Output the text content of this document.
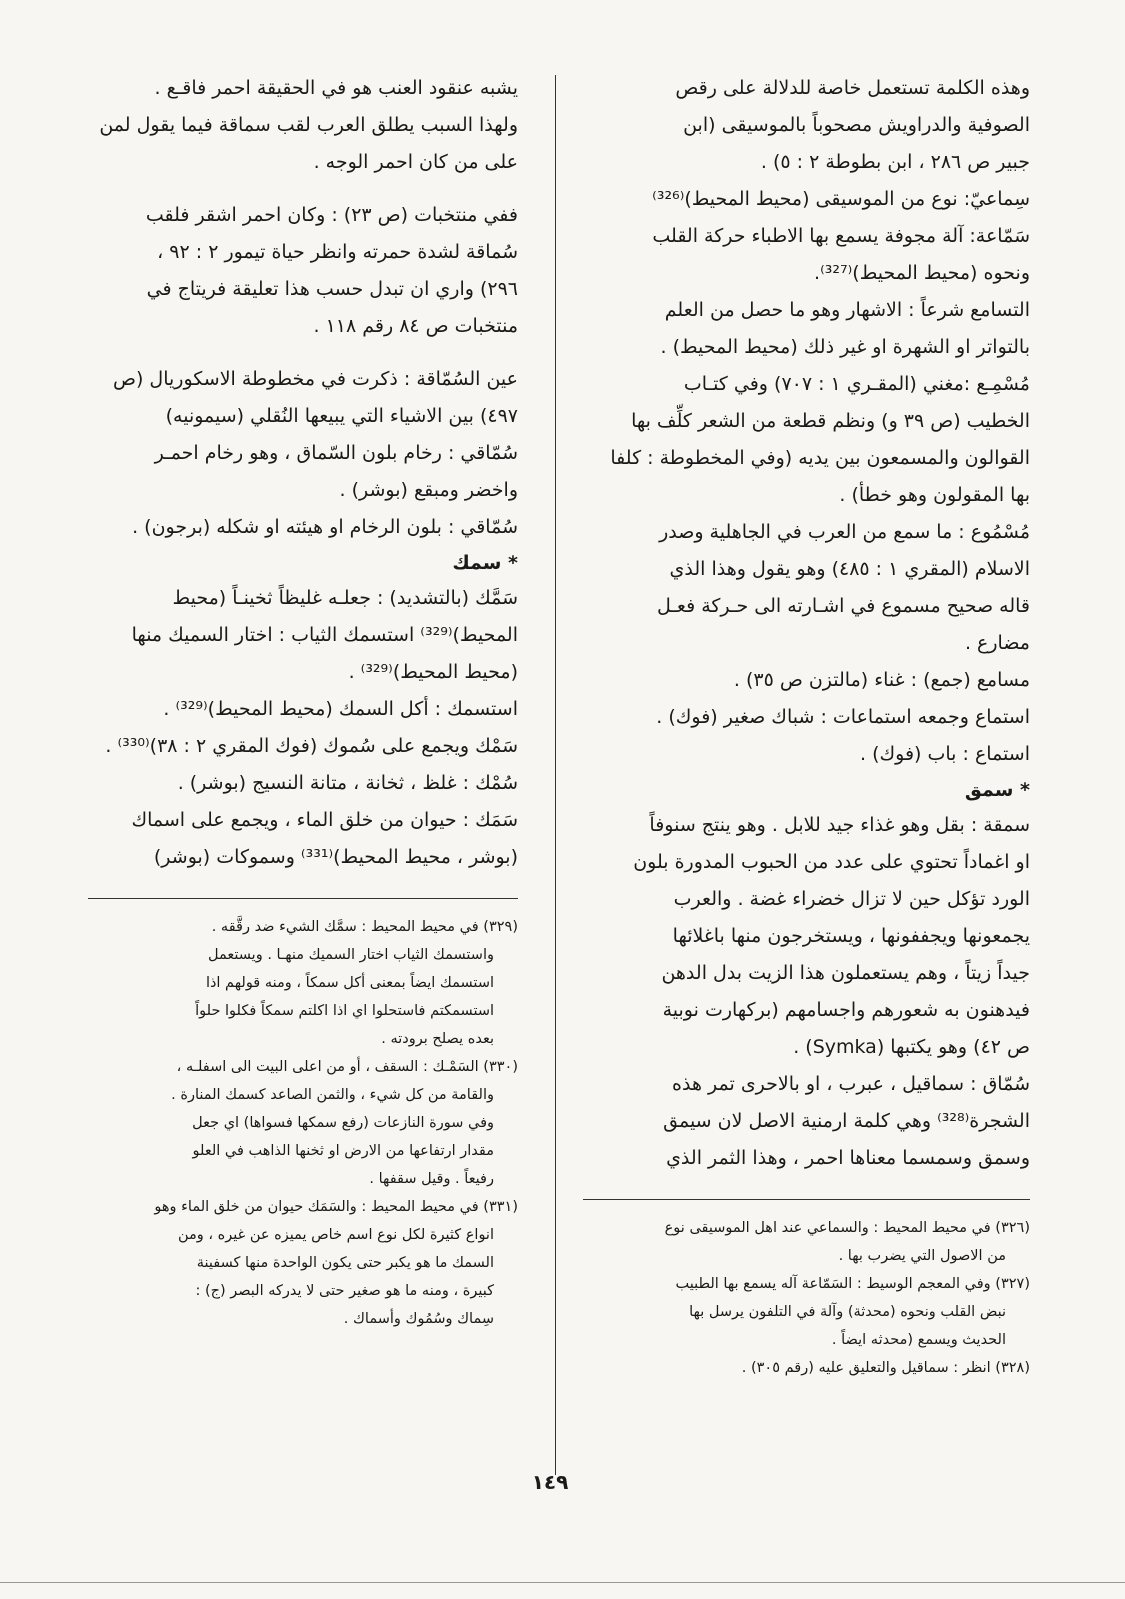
وهذه الكلمة تستعمل خاصة للدلالة على رقص

الصوفية والدراويش مصحوباً بالموسيقى (ابن

جبير ص ٢٨٦ ، ابن بطوطة ٢ : ٥) .

سِماعيّ: نوع من الموسيقى (محيط المحيط)⁽³²⁶⁾

سَمّاعة: آلة مجوفة يسمع بها الاطباء حركة القلب

ونحوه (محيط المحيط)⁽³²⁷⁾.

التسامع شرعاً : الاشهار وهو ما حصل من العلم

بالتواتر او الشهرة او غير ذلك (محيط المحيط) .

مُسْمِـع :مغني (المقـري ١ : ٧٠٧) وفي كتـاب

الخطيب (ص ٣٩ و) ونظم قطعة من الشعر كلِّف بها

القوالون والمسمعون بين يديه (وفي المخطوطة : كلفا

بها المقولون وهو خطأ) .

مُسْمُوع : ما سمع من العرب في الجاهلية وصدر

الاسلام (المقري ١ : ٤٨٥) وهو يقول وهذا الذي

قاله صحيح مسموع في اشـارته الى حـركة فعـل

مضارع .

مسامع (جمع) : غناء (مالتزن ص ٣٥) .

استماع وجمعه استماعات : شباك صغير (فوك) .

استماع : باب (فوك) .

* سمق

سمقة : بقل وهو غذاء جيد للابل . وهو ينتج سنوفاً

او اغماداً تحتوي على عدد من الحبوب المدورة بلون

الورد تؤكل حين لا تزال خضراء غضة . والعرب

يجمعونها ويجففونها ، ويستخرجون منها باغلائها

جيداً زيتاً ، وهم يستعملون هذا الزيت بدل الدهن

فيدهنون به شعورهم واجسامهم (بركهارت نوبية

ص ٤٢) وهو يكتبها (Symka) .

سُمّاق : سماقيل ، عبرب ، او بالاحرى تمر هذه

الشجرة⁽³²⁸⁾ وهي كلمة ارمنية الاصل لان سيمق

وسمق وسمسما معناها احمر ، وهذا الثمر الذي

(٣٢٦) في محيط المحيط : والسماعي عند اهل الموسيقى نوع

من الاصول التي يضرب بها .

(٣٢٧) وفي المعجم الوسيط : السَمّاعة آله يسمع بها الطبيب

نبض القلب ونحوه (محدثة) وآلة في التلفون يرسل بها

الحديث ويسمع (محدثه ايضاً .

(٣٢٨) انظر : سماقيل والتعليق عليه (رقم ٣٠٥) .

يشبه عنقود العنب هو في الحقيقة احمر فاقـع .

ولهذا السبب يطلق العرب لقب سماقة فيما يقول لمن

على من كان احمر الوجه .

ففي منتخبات (ص ٢٣) : وكان احمر اشقر فلقب

سُماقة لشدة حمرته وانظر حياة تيمور ٢ : ٩٢ ،

٢٩٦) واري ان تبدل حسب هذا تعليقة فريتاج في

منتخبات ص ٨٤ رقم ١١٨ .

عين السُمّاقة : ذكرت في مخطوطة الاسكوريال (ص

٤٩٧) بين الاشياء التي يبيعها النُقلي (سيمونيه)

سُمّاقي : رخام بلون السّماق ، وهو رخام احمـر

واخضر ومبقع (بوشر) .

سُمّاقي : بلون الرخام او هيئته او شكله (برجون) .

* سمك

سَمَّك (بالتشديد) : جعلـه غليظاً ثخينـاً (محيط

المحيط)⁽³²⁹⁾ استسمك الثياب : اختار السميك منها

(محيط المحيط)⁽³²⁹⁾ .

استسمك : أكل السمك (محيط المحيط)⁽³²⁹⁾ .

سَمْك ويجمع على سُموك (فوك المقري ٢ : ٣٨)⁽³³⁰⁾ .

سُمْك : غلظ ، ثخانة ، متانة النسيج (بوشر) .

سَمَك : حيوان من خلق الماء ، ويجمع على اسماك

(بوشر ، محيط المحيط)⁽³³¹⁾ وسموكات (بوشر)

(٣٢٩) في محيط المحيط : سمَّك الشيء ضد رقَّقه .

واستسمك الثياب اختار السميك منهـا . ويستعمل

استسمك ايضاً بمعنى أكل سمكاً ، ومنه قولهم اذا

استسمكتم فاستحلوا اي اذا اكلتم سمكاً فكلوا حلواً

بعده يصلح برودته .

(٣٣٠) السَمْـك : السقف ، أو من اعلى البيت الى اسفلـه ،

والقامة من كل شيء ، والثمن الصاعد كسمك المنارة .

وفي سورة النازعات (رفع سمكها فسواها) اي جعل

مقدار ارتفاعها من الارض او ثخنها الذاهب في العلو

رفيعاً . وقيل سقفها .

(٣٣١) في محيط المحيط : والسَمَك حيوان من خلق الماء وهو

انواع كثيرة لكل نوع اسم خاص يميزه عن غيره ، ومن

السمك ما هو يكبر حتى يكون الواحدة منها كسفينة

كبيرة ، ومنه ما هو صغير حتى لا يدركه البصر (ج) :

سِماك وسُمُوك وأسماك .

١٤٩
